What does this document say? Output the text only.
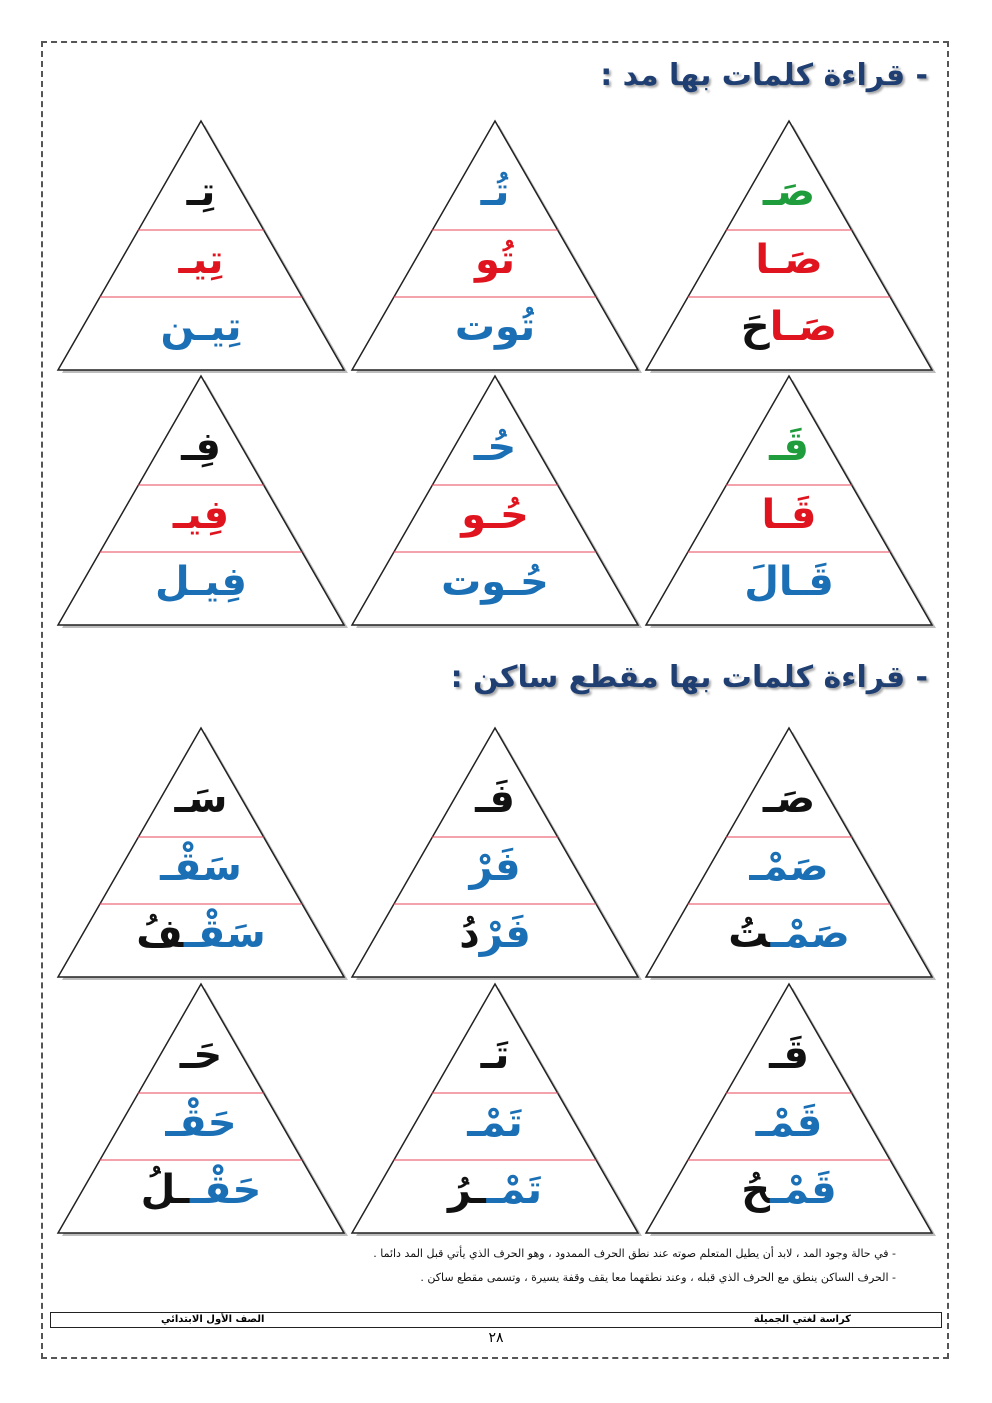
- قراءة كلمات بها مد :
- قراءة كلمات بها مقطع ساكن :
صَـ
صَـا
صَـاحَ
تُـ
تُو
تُوت
تِـ
تِيـ
تِيـن
قَـ
قَـا
قَـالَ
حُـ
حُـو
حُـوت
فِـ
فِيـ
فِيـل
صَـ
صَمْـ
صَمْـتُ
فَـ
فَرْ
فَرْدُ
سَـ
سَقْـ
سَقْـفُ
قَـ
قَمْـ
قَمْـحُ
تَـ
تَمْـ
تَمْــرُ
حَـ
حَقْـ
حَقْــلُ
- في حالة وجود المد ، لابد أن يطيل المتعلم صوته عند نطق الحرف الممدود ، وهو الحرف الذي يأتي قبل المد دائما .
- الحرف الساكن ينطق مع الحرف الذي قبله ، وعند نطقهما معا يقف وقفة يسيرة ، وتسمى مقطع ساكن .
الصف الأول الابتدائي	كراسة لغتي الجميلة
٢٨
